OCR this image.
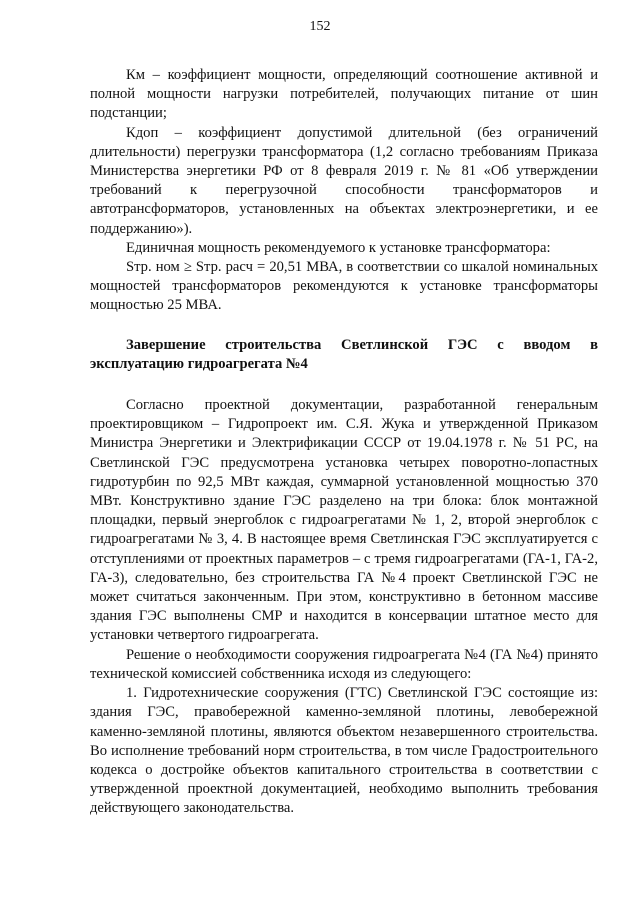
152

Км – коэффициент мощности, определяющий соотношение активной и полной мощности нагрузки потребителей, получающих питание от шин подстанции;

Кдоп – коэффициент допустимой длительной (без ограничений длительности) перегрузки трансформатора (1,2 согласно требованиям Приказа Министерства энергетики РФ от 8 февраля 2019 г. № 81 «Об утверждении требований к перегрузочной способности трансформаторов и автотрансформаторов, установленных на объектах электроэнергетики, и ее поддержанию»).

Единичная мощность рекомендуемого к установке трансформатора:

Sтр. ном ≥ Sтр. расч = 20,51 МВА, в соответствии со шкалой номинальных мощностей трансформаторов рекомендуются к установке трансформаторы мощностью 25 МВА.

Завершение строительства Светлинской ГЭС с вводом в
эксплуатацию гидроагрегата №4

Согласно проектной документации, разработанной генеральным проектировщиком – Гидропроект им. С.Я. Жука и утвержденной Приказом Министра Энергетики и Электрификации СССР от 19.04.1978 г. № 51 РС, на Светлинской ГЭС предусмотрена установка четырех поворотно-лопастных гидротурбин по 92,5 МВт каждая, суммарной установленной мощностью 370 МВт. Конструктивно здание ГЭС разделено на три блока: блок монтажной площадки, первый энергоблок с гидроагрегатами № 1, 2, второй энергоблок с гидроагрегатами № 3, 4. В настоящее время Светлинская ГЭС эксплуатируется с отступлениями от проектных параметров – с тремя гидроагрегатами (ГА-1, ГА-2, ГА-3), следовательно, без строительства ГА №4 проект Светлинской ГЭС не может считаться законченным. При этом, конструктивно в бетонном массиве здания ГЭС выполнены СМР и находится в консервации штатное место для установки четвертого гидроагрегата.

Решение о необходимости сооружения гидроагрегата №4 (ГА №4) принято технической комиссией собственника исходя из следующего:

1. Гидротехнические сооружения (ГТС) Светлинской ГЭС состоящие из: здания ГЭС, правобережной каменно-земляной плотины, левобережной каменно-земляной плотины, являются объектом незавершенного строительства. Во исполнение требований норм строительства, в том числе Градостроительного кодекса о достройке объектов капитального строительства в соответствии с утвержденной проектной документацией, необходимо выполнить требования действующего законодательства.
